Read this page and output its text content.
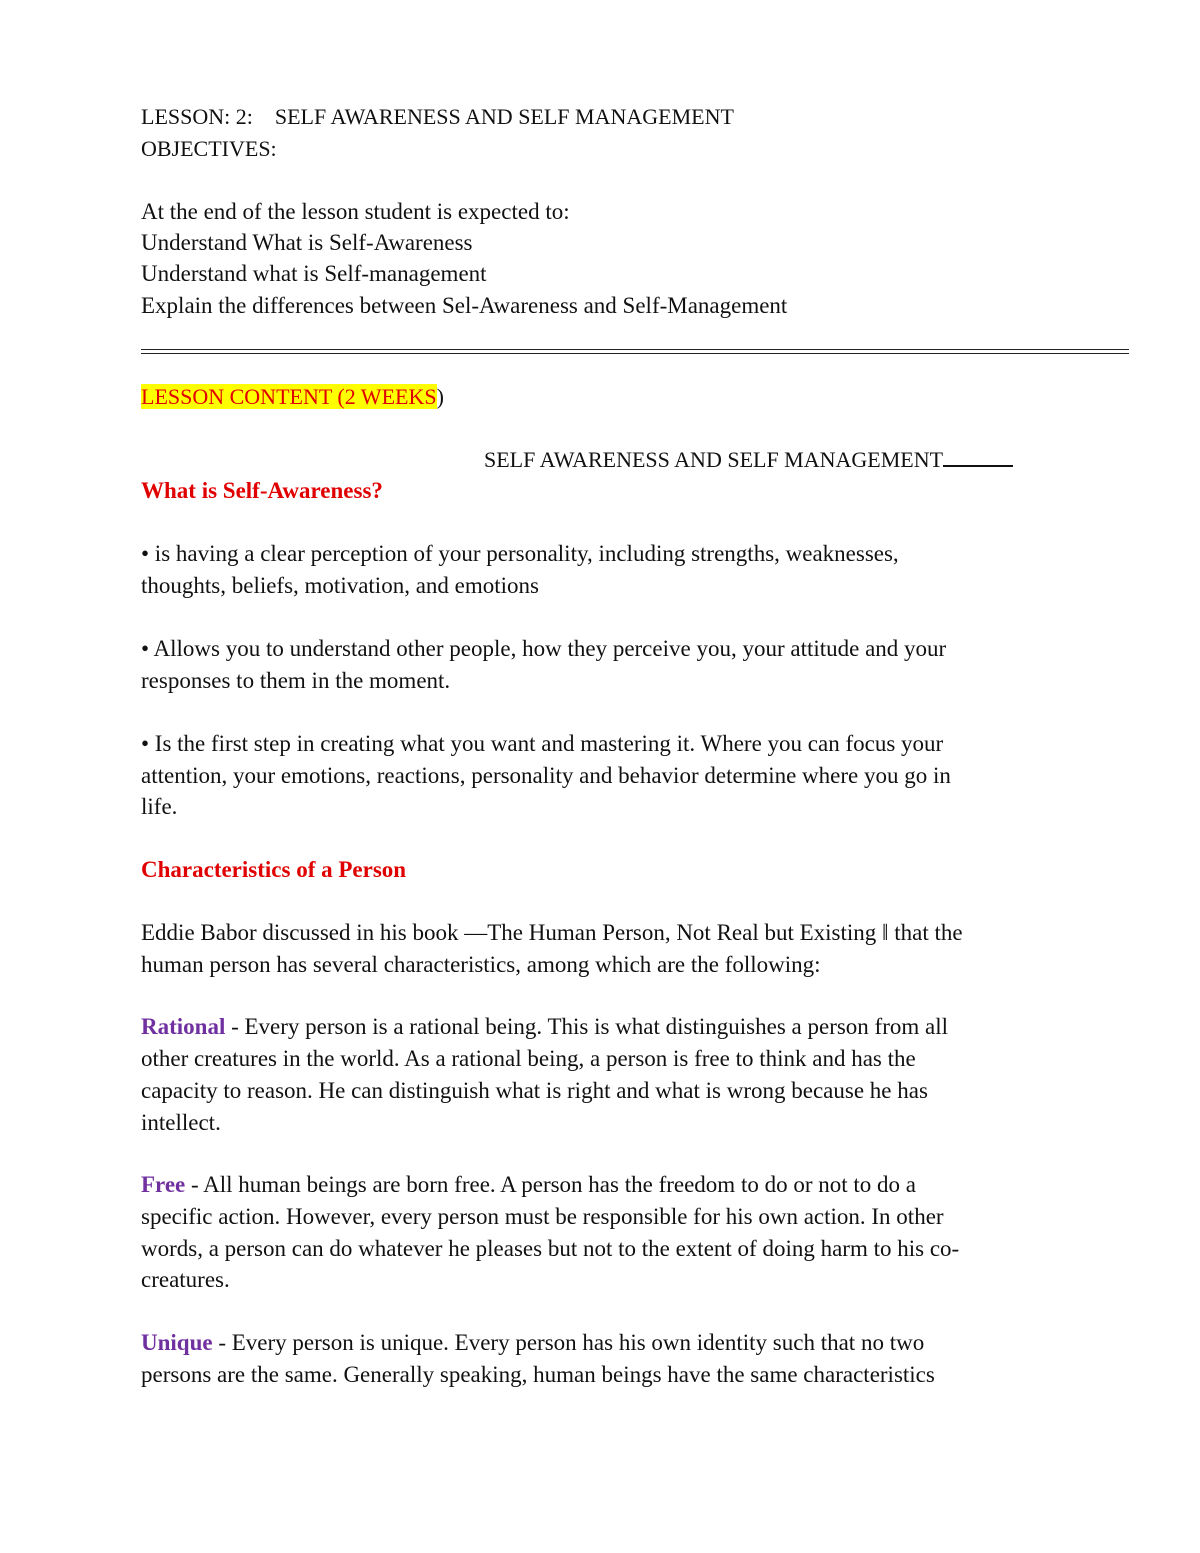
LESSON: 2: SELF AWARENESS AND SELF MANAGEMENT
OBJECTIVES:
At the end of the lesson student is expected to:
Understand What is Self-Awareness
Understand what is Self-management
Explain the differences between Sel-Awareness and Self-Management
LESSON CONTENT (2 WEEKS)
SELF AWARENESS AND SELF MANAGEMENT
What is Self-Awareness?
• is having a clear perception of your personality, including strengths, weaknesses,
thoughts, beliefs, motivation, and emotions
• Allows you to understand other people, how they perceive you, your attitude and your
responses to them in the moment.
• Is the first step in creating what you want and mastering it. Where you can focus your
attention, your emotions, reactions, personality and behavior determine where you go in
life.
Characteristics of a Person
Eddie Babor discussed in his book —The Human Person, Not Real but Existing ‖ that the
human person has several characteristics, among which are the following:
Rational - Every person is a rational being. This is what distinguishes a person from all
other creatures in the world. As a rational being, a person is free to think and has the
capacity to reason. He can distinguish what is right and what is wrong because he has
intellect.
Free - All human beings are born free. A person has the freedom to do or not to do a
specific action. However, every person must be responsible for his own action. In other
words, a person can do whatever he pleases but not to the extent of doing harm to his co-
creatures.
Unique - Every person is unique. Every person has his own identity such that no two
persons are the same. Generally speaking, human beings have the same characteristics
